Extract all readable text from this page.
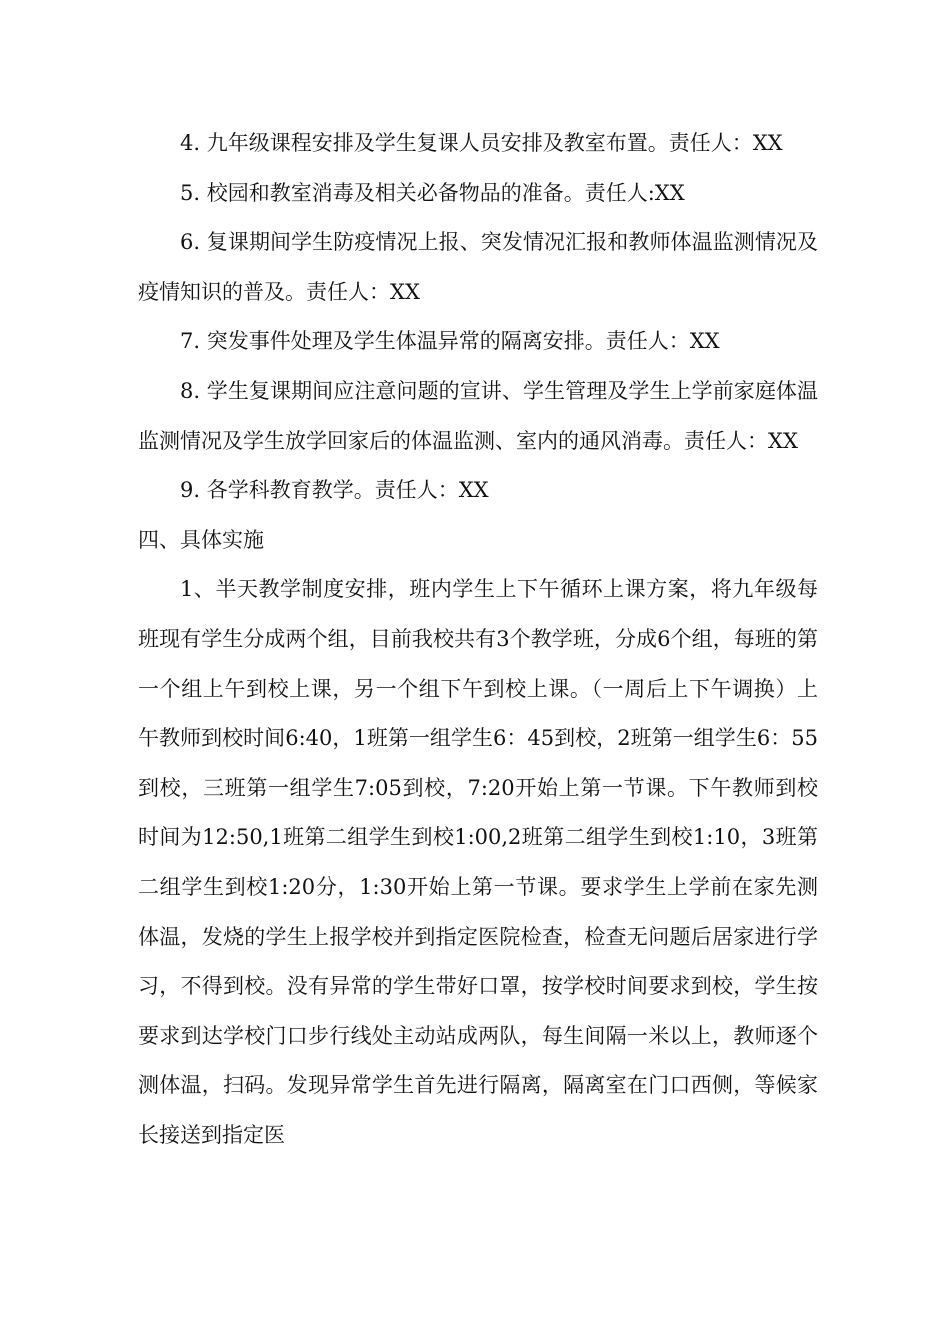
4. 九年级课程安排及学生复课人员安排及教室布置。责任人：XX

5. 校园和教室消毒及相关必备物品的准备。责任人:XX

6. 复课期间学生防疫情况上报、突发情况汇报和教师体温监测情况及疫情知识的普及。责任人：XX

7. 突发事件处理及学生体温异常的隔离安排。责任人：XX

8. 学生复课期间应注意问题的宣讲、学生管理及学生上学前家庭体温监测情况及学生放学回家后的体温监测、室内的通风消毒。责任人：XX

9. 各学科教育教学。责任人：XX

四、具体实施

1、半天教学制度安排，班内学生上下午循环上课方案，将九年级每班现有学生分成两个组，目前我校共有3个教学班，分成6个组，每班的第一个组上午到校上课，另一个组下午到校上课。（一周后上下午调换）上午教师到校时间6:40，1班第一组学生6：45到校，2班第一组学生6：55到校，三班第一组学生7:05到校，7:20开始上第一节课。下午教师到校时间为12:50,1班第二组学生到校1:00,2班第二组学生到校1:10，3班第二组学生到校1:20分，1:30开始上第一节课。要求学生上学前在家先测体温，发烧的学生上报学校并到指定医院检查，检查无问题后居家进行学习，不得到校。没有异常的学生带好口罩，按学校时间要求到校，学生按要求到达学校门口步行线处主动站成两队，每生间隔一米以上，教师逐个测体温，扫码。发现异常学生首先进行隔离，隔离室在门口西侧，等候家长接送到指定医
